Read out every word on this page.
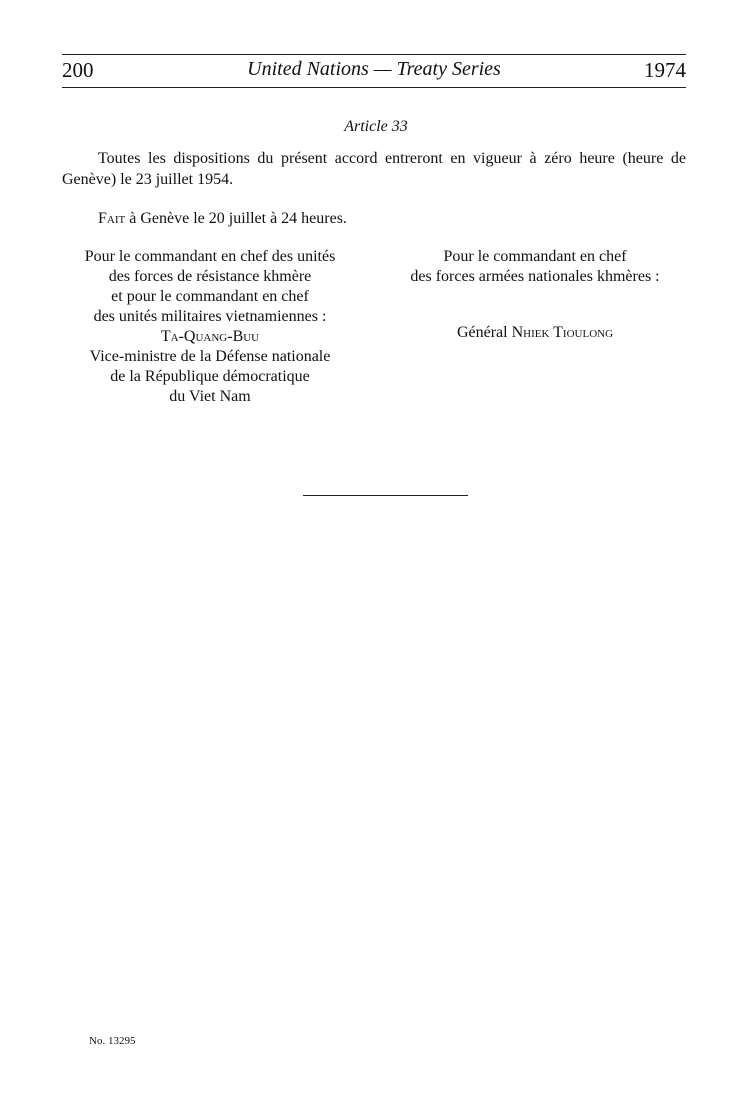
200	United Nations — Treaty Series	1974
Article 33
Toutes les dispositions du présent accord entreront en vigueur à zéro heure (heure de Genève) le 23 juillet 1954.
Fait à Genève le 20 juillet à 24 heures.
Pour le commandant en chef des unités
des forces de résistance khmère
et pour le commandant en chef
des unités militaires vietnamiennes :
Ta-Quang-Buu
Vice-ministre de la Défense nationale
de la République démocratique
du Viet Nam
Pour le commandant en chef
des forces armées nationales khmères :
Général Nhiek Tioulong
No. 13295
